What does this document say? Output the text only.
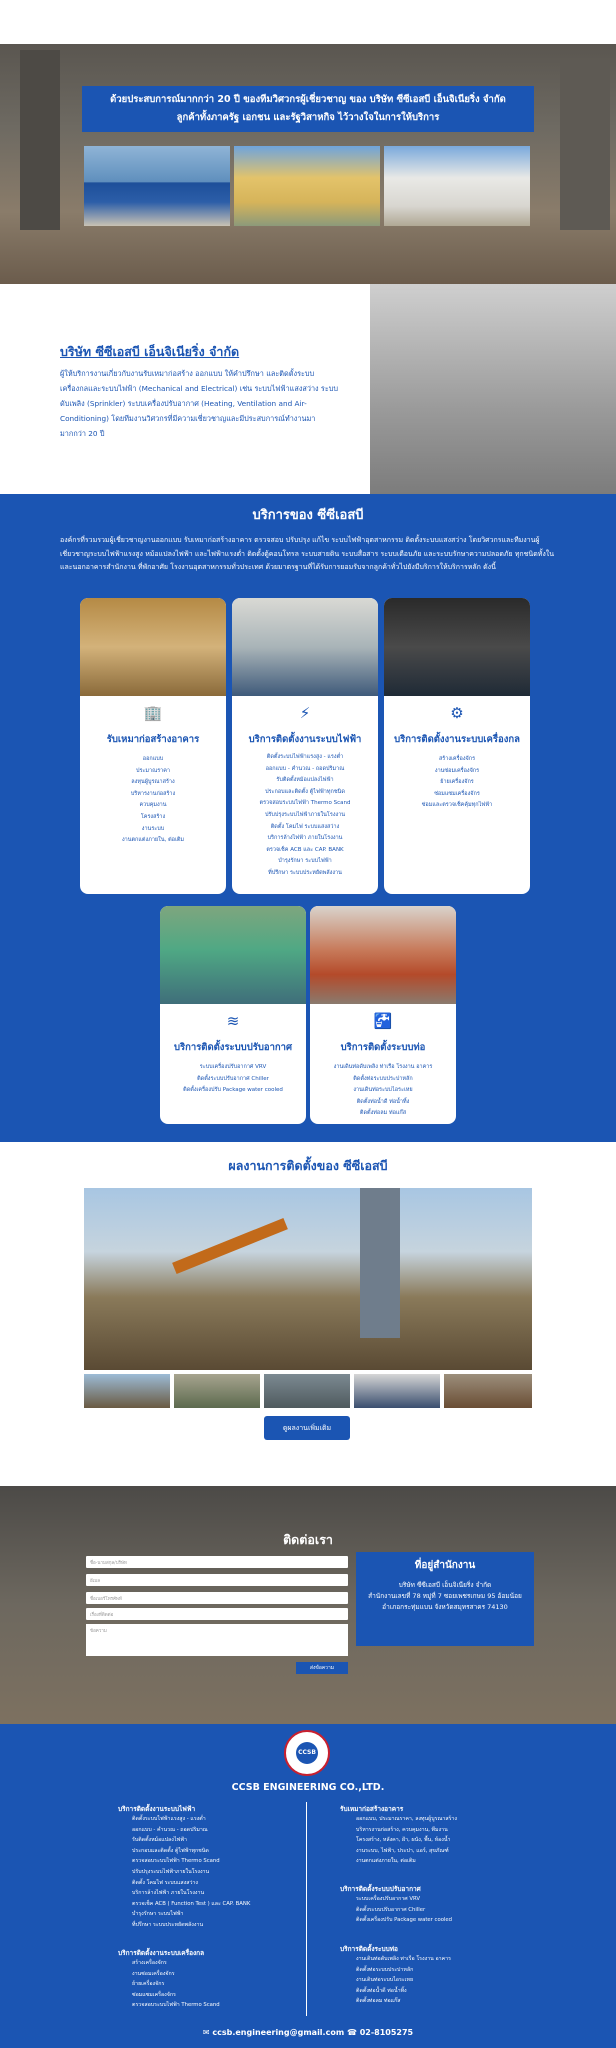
ด้วยประสบการณ์มากกว่า 20 ปี ของทีมวิศวกรผู้เชี่ยวชาญ ของ บริษัท ซีซีเอสบี เอ็นจิเนียริ่ง จำกัด
ลูกค้าทั้งภาครัฐ เอกชน และรัฐวิสาหกิจ ไว้วางใจในการให้บริการ
บริษัท ซีซีเอสบี เอ็นจิเนียริ่ง จำกัด
ผู้ให้บริการงานเกี่ยวกับงานรับเหมาก่อสร้าง ออกแบบ ให้คำปรึกษา และติดตั้งระบบเครื่องกลและระบบไฟฟ้า (Mechanical and Electrical) เช่น ระบบไฟฟ้าแสงสว่าง ระบบดับเพลิง (Sprinkler) ระบบเครื่องปรับอากาศ (Heating, Ventilation and Air-Conditioning) โดยทีมงานวิศวกรที่มีความเชี่ยวชาญและมีประสบการณ์ทำงานมามากกว่า 20 ปี
บริการของ ซีซีเอสบี
องค์กรที่รวมรวมผู้เชี่ยวชาญงานออกแบบ รับเหมาก่อสร้างอาคาร ตรวจสอบ ปรับปรุง แก้ไข ระบบไฟฟ้าอุตสาหกรรม ติดตั้งระบบแสงสว่าง โดยวิศวกรและทีมงานผู้เชี่ยวชาญระบบไฟฟ้าแรงสูง หม้อแปลงไฟฟ้า และไฟฟ้าแรงต่ำ ติดตั้งตู้คอนโทรล ระบบสายดิน ระบบสื่อสาร ระบบเตือนภัย และระบบรักษาความปลอดภัย ทุกชนิดทั้งในและนอกอาคารสำนักงาน ที่พักอาศัย โรงงานอุตสาหกรรมทั่วประเทศ ด้วยมาตรฐานที่ได้รับการยอมรับจากลูกค้าทั่วไปยังมีบริการให้บริการหลัก ดังนี้
🏢
รับเหมาก่อสร้างอาคาร
ออกแบบ
ประมาณราคา
ลงทุนผู้บูรณาสร้าง
บริหารงานก่อสร้าง
ควบคุมงาน
โครงสร้าง
งานระบบ
งานตกแต่งภายใน, ต่อเติม
⚡
บริการติดตั้งงานระบบไฟฟ้า
ติดตั้งระบบไฟฟ้าแรงสูง - แรงต่ำ
ออกแบบ - คำนวณ - ถอดปริมาณ
รับติดตั้งหม้อแปลงไฟฟ้า
ประกอบและติดตั้ง ตู้ไฟฟ้าทุกชนิด
ตรวจสอบระบบไฟฟ้า Thermo Scand
ปรับปรุงระบบไฟฟ้าภายในโรงงาน
ติดตั้ง โคมไฟ ระบบแสงสว่าง
บริการล้างไฟฟ้า ภายในโรงงาน
ตรวจเช็ค ACB และ CAP. BANK
บำรุงรักษา ระบบไฟฟ้า
ที่ปรึกษา ระบบประหยัดพลังงาน
⚙
บริการติดตั้งงานระบบเครื่องกล
สร้างเครื่องจักร
งานซ่อมเครื่องจักร
ย้ายเครื่องจักร
ซ่อมแซมเครื่องจักร
ซ่อมและตรวจเช็คคุ้มทุกไฟฟ้า
≋
บริการติดตั้งระบบปรับอากาศ
ระบบเครื่องปรับอากาศ VRV
ติดตั้งระบบปรับอากาศ Chiller
ติดตั้งเครื่องปรับ Package water cooled
🚰
บริการติดตั้งระบบท่อ
งานเดินท่อดับเพลิง ท่าเรือ โรงงาน อาคาร
ติดตั้งท่อระบบประปาหลัก
งานเดินท่อระบบไอระเหย
ติดตั้งท่อน้ำดี ท่อน้ำทิ้ง
ติดตั้งท่อลม ท่อแก๊ส
ผลงานการติดตั้งของ ซีซีเอสบี
ดูผลงานเพิ่มเติม
ติดต่อเรา
ชื่อ-นามสกุล/บริษัท
อีเมล
ชื่อเบอร์โทรศัพท์
เรื่องที่ติดต่อ
ข้อความ
ส่งข้อความ
ที่อยู่สำนักงาน
บริษัท ซีซีเอสบี เอ็นจิเนียริ่ง จำกัด
สำนักงานเลขที่ 78 หมู่ที่ 7 ซอยเพชรเกษม 95 อ้อมน้อย
อำเภอกระทุ่มแบน จังหวัดสมุทรสาคร 74130
CCSB
CCSB ENGINEERING CO.,LTD.
บริการติดตั้งงานระบบไฟฟ้า
ติดตั้งระบบไฟฟ้าแรงสูง - แรงต่ำ
ออกแบบ - คำนวณ - ถอดปริมาณ
รับติดตั้งหม้อแปลงไฟฟ้า
ประกอบและติดตั้ง ตู้ไฟฟ้าทุกชนิด
ตรวจสอบระบบไฟฟ้า Thermo Scand
ปรับปรุงระบบไฟฟ้าภายในโรงงาน
ติดตั้ง โคมไฟ ระบบแสงสว่าง
บริการล้างไฟฟ้า ภายในโรงงาน
ตรวจเช็ค ACB ( Function Test ) และ CAP. BANK
บำรุงรักษา ระบบไฟฟ้า
ที่ปรึกษา ระบบประหยัดพลังงาน
บริการติดตั้งงานระบบเครื่องกล
สร้างเครื่องจักร
งานซ่อมเครื่องจักร
ย้ายเครื่องจักร
ซ่อมแซมเครื่องจักร
ตรวจสอบระบบไฟฟ้า Thermo Scand
รับเหมาก่อสร้างอาคาร
ออกแบบ, ประมาณราคา, ลงทุนผู้บูรณาสร้าง
บริหารงานก่อสร้าง, ควบคุมงาน, ทีมงาน
โครงสร้าง, หลังคา, ฝ้า, ผนัง, พื้น, ห้องน้ำ
งานระบบ, ไฟฟ้า, ประปา, แอร์, สุขภัณฑ์
งานตกแต่งภายใน, ต่อเติม
บริการติดตั้งระบบปรับอากาศ
ระบบเครื่องปรับอากาศ VRV
ติดตั้งระบบปรับอากาศ Chiller
ติดตั้งเครื่องปรับ Package water cooled
บริการติดตั้งระบบท่อ
งานเดินท่อดับเพลิง ท่าเรือ โรงงาน อาคาร
ติดตั้งท่อระบบประปาหลัก
งานเดินท่อระบบไอระเหย
ติดตั้งท่อน้ำดี ท่อน้ำทิ้ง
ติดตั้งท่อลม ท่อแก๊ส
✉ ccsb.engineering@gmail.com ☎ 02-8105275
